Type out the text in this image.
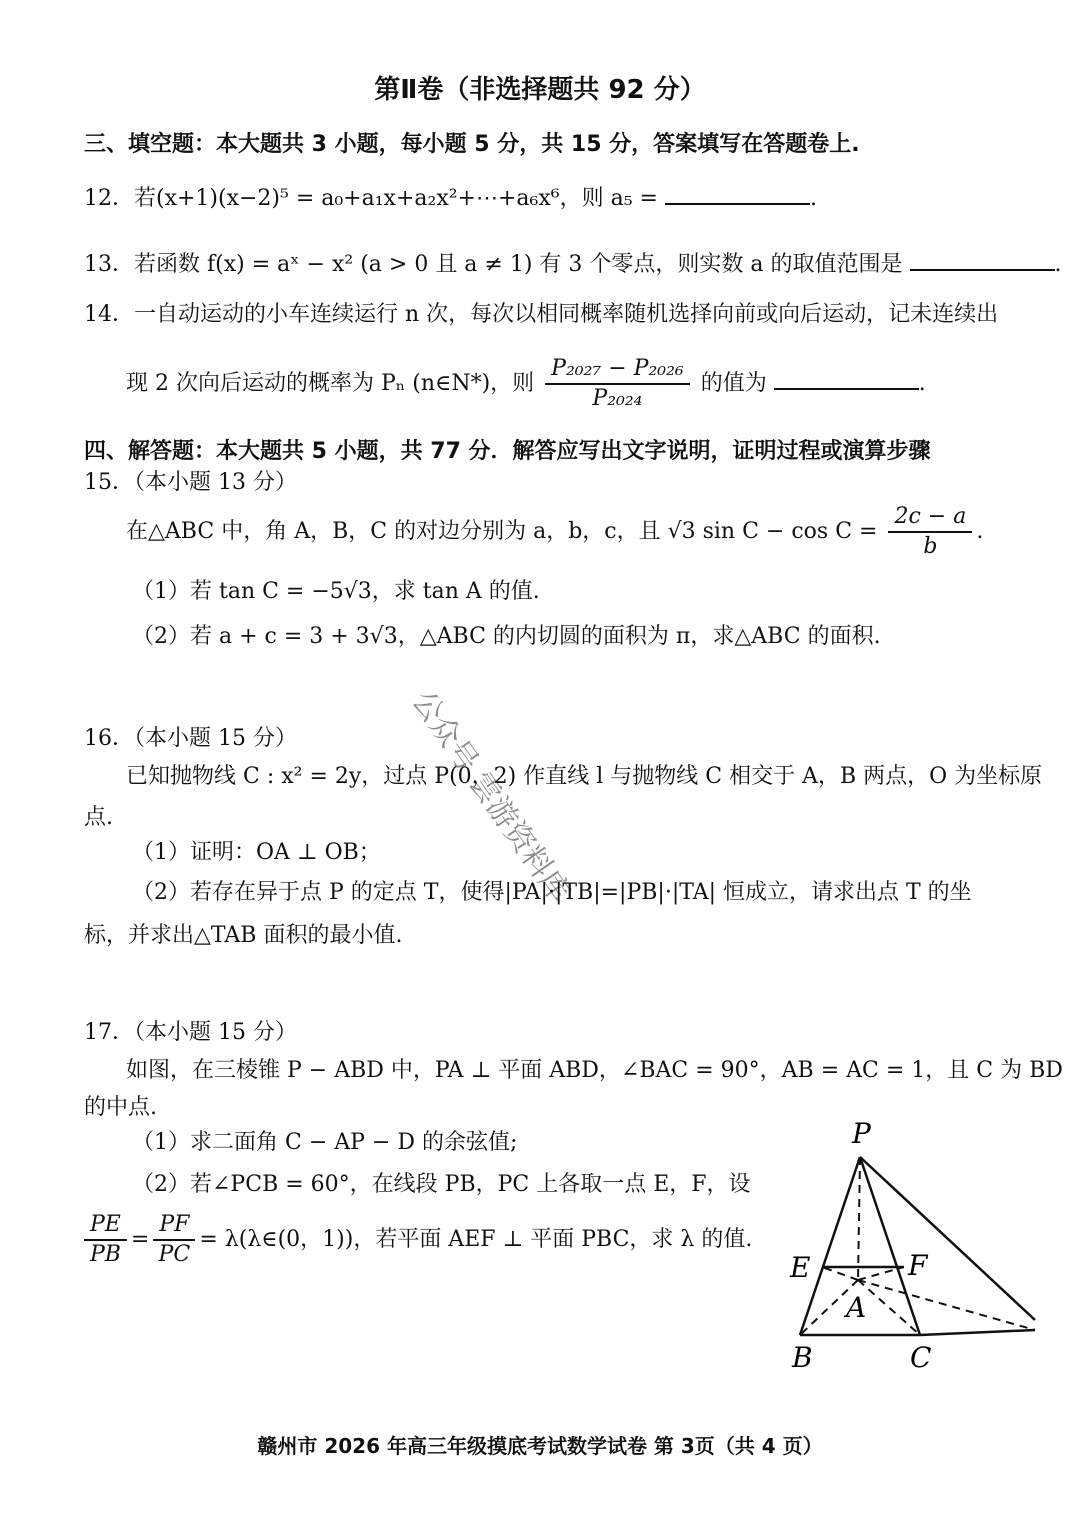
第Ⅱ卷（非选择题共 92 分）
三、填空题：本大题共 3 小题，每小题 5 分，共 15 分，答案填写在答题卷上.
12．若(x+1)(x−2)⁵ = a₀+a₁x+a₂x²+⋯+a₆x⁶，则 a₅ =	.
13．若函数 f(x) = aˣ − x² (a > 0 且 a ≠ 1) 有 3 个零点，则实数 a 的取值范围是	.
14．一自动运动的小车连续运行 n 次，每次以相同概率随机选择向前或向后运动，记未连续出
现 2 次向后运动的概率为 Pₙ (n∈N*)，则 $\frac{\text{P₂₀₂₇ − P₂₀₂₆}}{\text{P₂₀₂₄}}$ 的值为	.
四、解答题：本大题共 5 小题，共 77 分．解答应写出文字说明，证明过程或演算步骤
15．（本小题 13 分）
在△ABC 中，角 A，B，C 的对边分别为 a，b，c，且 √3 $\sin C - \cos C = \frac{2c - a}{b}$ .
（1）若 tan C = −5√3，求 tan A 的值.
（2）若 a + c = 3 + 3√3，△ABC 的内切圆的面积为 π，求△ABC 的面积.
16．（本小题 15 分）
已知抛物线 C : x² = 2y，过点 P(0，2) 作直线 l 与抛物线 C 相交于 A，B 两点，O 为坐标原
点.
（1）证明：OA ⊥ OB；
（2）若存在异于点 P 的定点 T，使得|PA|·|TB|=|PB|·|TA| 恒成立，请求出点 T 的坐
标，并求出△TAB 面积的最小值.
17．（本小题 15 分）
如图，在三棱锥 P − ABD 中，PA ⊥ 平面 ABD，∠BAC = 90°，AB = AC = 1，且 C 为 BD
的中点.
（1）求二面角 C − AP − D 的余弦值;
（2）若∠PCB = 60°，在线段 PB，PC 上各取一点 E，F，设
$\frac{PE}{PB} = \frac{PF}{PC}$ = λ(λ∈(0，1))，若平面 AEF ⊥ 平面 PBC，求 λ 的值.
P
E	F
A
B	C
公众号 雲游资料库
赣州市 2026 年高三年级摸底考试数学试卷 第 3页（共 4 页）
